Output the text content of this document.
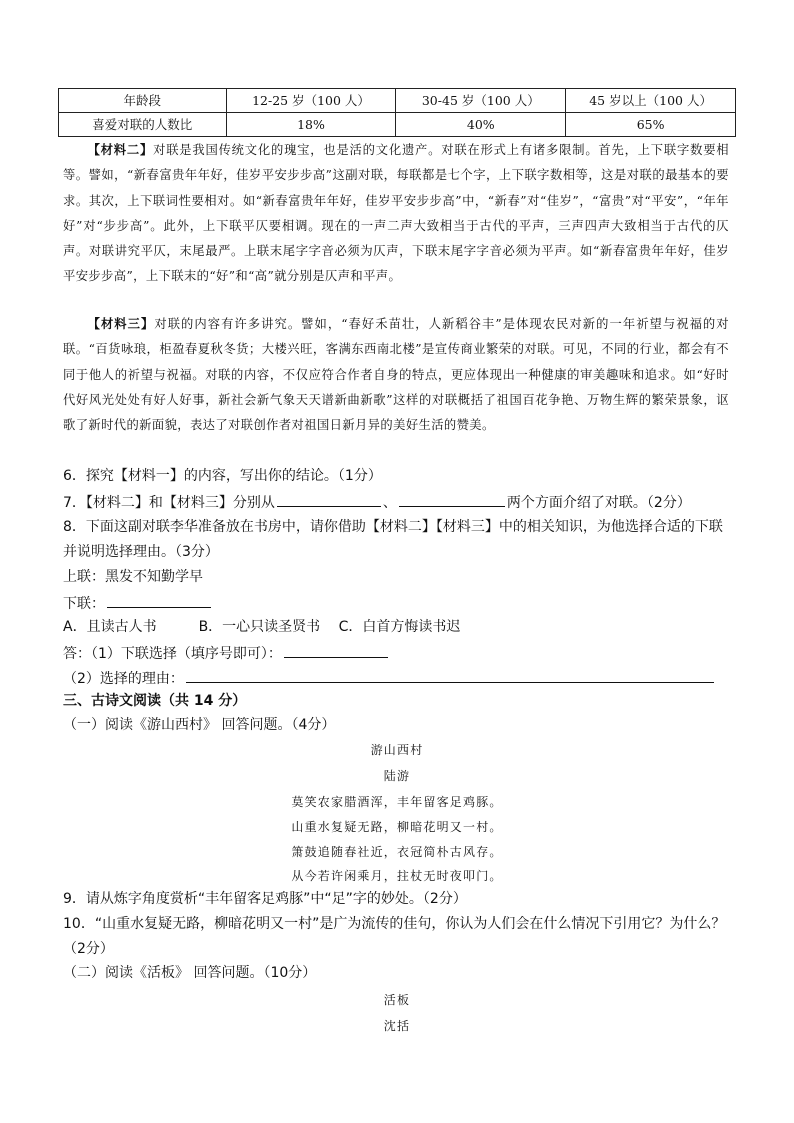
年龄段	12-25 岁（100 人）	30-45 岁（100 人）	45 岁以上（100 人）
喜爱对联的人数比	18%	40%	65%
【材料二】对联是我国传统文化的瑰宝，也是活的文化遗产。对联在形式上有诸多限制。首先，上下联字数要相等。譬如，“新春富贵年年好，佳岁平安步步高”这副对联，每联都是七个字，上下联字数相等，这是对联的最基本的要求。其次，上下联词性要相对。如“新春富贵年年好，佳岁平安步步高”中，“新春”对“佳岁”，“富贵”对“平安”，“年年好”对“步步高”。此外，上下联平仄要相调。现在的一声二声大致相当于古代的平声，三声四声大致相当于古代的仄声。对联讲究平仄，末尾最严。上联末尾字字音必须为仄声，下联末尾字字音必须为平声。如“新春富贵年年好，佳岁平安步步高”，上下联末的“好”和“高”就分别是仄声和平声。
【材料三】对联的内容有许多讲究。譬如，“春好禾苗壮，人新稻谷丰”是体现农民对新的一年祈望与祝福的对联。“百货咏琅，柜盈春夏秋冬货；大楼兴旺，客满东西南北楼”是宣传商业繁荣的对联。可见，不同的行业，都会有不同于他人的祈望与祝福。对联的内容，不仅应符合作者自身的特点，更应体现出一种健康的审美趣味和追求。如“好时代好风光处处有好人好事，新社会新气象天天谱新曲新歌”这样的对联概括了祖国百花争艳、万物生辉的繁荣景象，讴歌了新时代的新面貌，表达了对联创作者对祖国日新月异的美好生活的赞美。
6．探究【材料一】的内容，写出你的结论。（1分）
7．【材料二】和【材料三】分别从	、	两个方面介绍了对联。（2分）
8．下面这副对联李华准备放在书房中，请你借助【材料二】【材料三】中的相关知识，为他选择合适的下联并说明选择理由。（3分）
上联：黑发不知勤学早
下联：
A．且读古人书　　　B．一心只读圣贤书　 C．白首方悔读书迟
答：（1）下联选择（填序号即可）：
（2）选择的理由：
三、古诗文阅读（共 14 分）
（一）阅读《游山西村》 回答问题。（4分）
游山西村
陆游
莫笑农家腊酒浑，丰年留客足鸡豚。
山重水复疑无路，柳暗花明又一村。
箫鼓追随春社近，衣冠简朴古风存。
从今若许闲乘月，拄杖无时夜叩门。
9．请从炼字角度赏析“丰年留客足鸡豚”中“足”字的妙处。（2分）
10．“山重水复疑无路，柳暗花明又一村”是广为流传的佳句，你认为人们会在什么情况下引用它？为什么？（2分）
（二）阅读《活板》 回答问题。（10分）
活板
沈括
